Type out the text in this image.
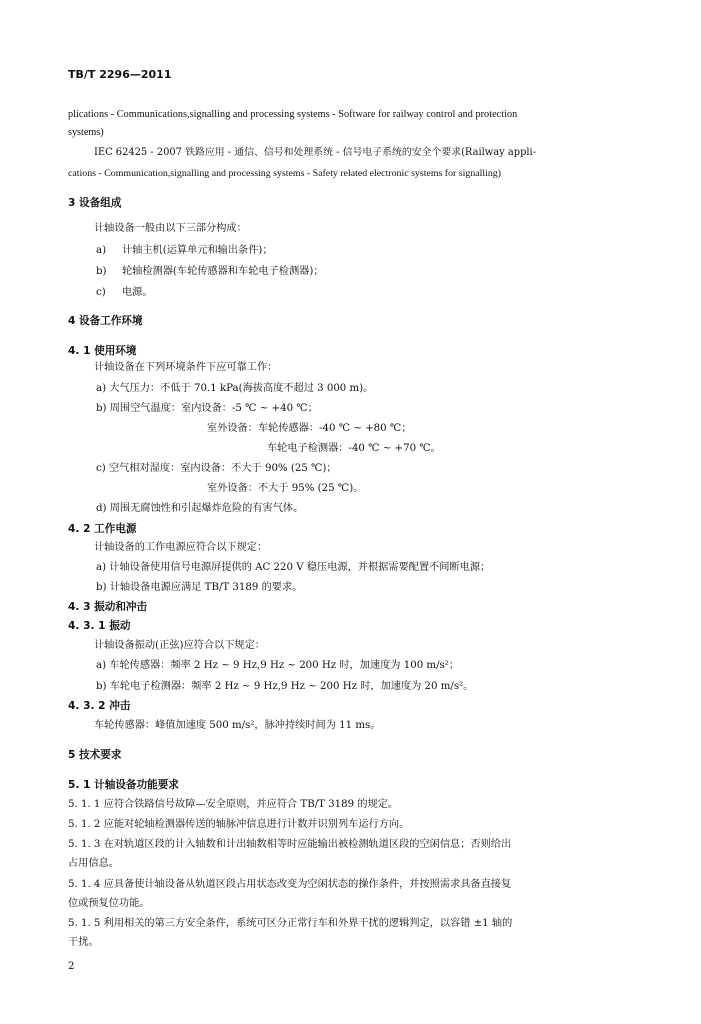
TB/T 2296—2011
plications - Communications,signalling and processing systems - Software for railway control and protection
systems)
IEC 62425 - 2007 铁路应用 - 通信、信号和处理系统 - 信号电子系统的安全个要求(Railway appli-
cations - Communication,signalling and processing systems - Safety related electronic systems for signalling)
3 设备组成
计轴设备一般由以下三部分构成：
a) 计轴主机(运算单元和输出条件)；
b) 轮轴检测器(车轮传感器和车轮电子检测器)；
c) 电源。
4 设备工作环境
4. 1 使用环境
计轴设备在下列环境条件下应可靠工作：
a) 大气压力：不低于 70.1 kPa(海拔高度不超过 3 000 m)。
b) 周围空气温度：室内设备：-5 ℃ ~ +40 ℃；
室外设备：车轮传感器：-40 ℃ ~ +80 ℃；
车轮电子检测器：-40 ℃ ~ +70 ℃。
c) 空气相对湿度：室内设备：不大于 90% (25 ℃)；
室外设备：不大于 95% (25 ℃)。
d) 周围无腐蚀性和引起爆炸危险的有害气体。
4. 2 工作电源
计轴设备的工作电源应符合以下规定：
a) 计轴设备使用信号电源屏提供的 AC 220 V 稳压电源，并根据需要配置不间断电源；
b) 计轴设备电源应满足 TB/T 3189 的要求。
4. 3 振动和冲击
4. 3. 1 振动
计轴设备振动(正弦)应符合以下规定：
a) 车轮传感器：频率 2 Hz ~ 9 Hz,9 Hz ~ 200 Hz 时，加速度为 100 m/s²；
b) 车轮电子检测器：频率 2 Hz ~ 9 Hz,9 Hz ~ 200 Hz 时，加速度为 20 m/s²。
4. 3. 2 冲击
车轮传感器：峰值加速度 500 m/s²，脉冲持续时间为 11 ms。
5 技术要求
5. 1 计轴设备功能要求
5. 1. 1 应符合铁路信号故障—安全原则，并应符合 TB/T 3189 的规定。
5. 1. 2 应能对轮轴检测器传送的轴脉冲信息进行计数并识别列车运行方向。
5. 1. 3 在对轨道区段的计入轴数和计出轴数相等时应能输出被检测轨道区段的空闲信息；否则给出
占用信息。
5. 1. 4 应具备使计轴设备从轨道区段占用状态改变为空闲状态的操作条件，并按照需求具备直接复
位或预复位功能。
5. 1. 5 利用相关的第三方安全条件，系统可区分正常行车和外界干扰的逻辑判定，以容错 ±1 轴的
干扰。
2
